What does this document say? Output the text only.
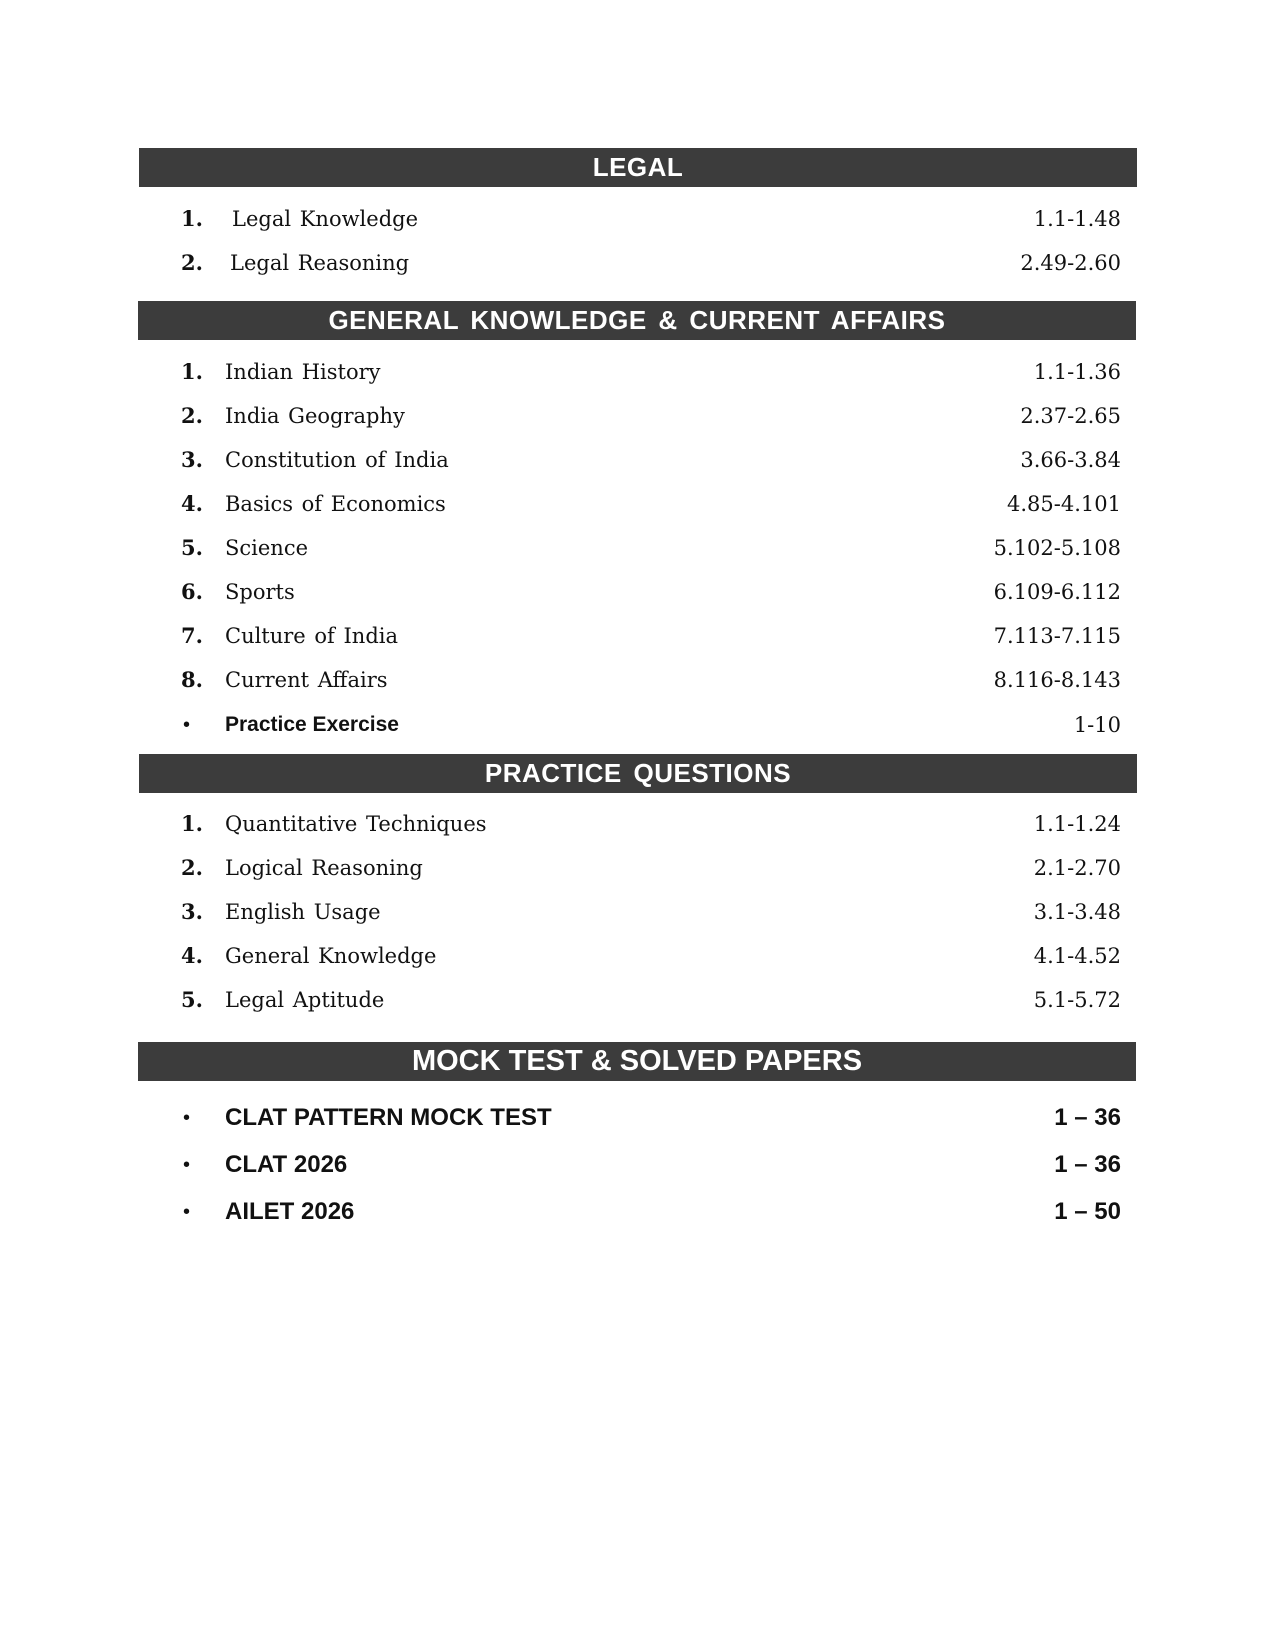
LEGAL
1. Legal Knowledge	1.1-1.48
2. Legal Reasoning	2.49-2.60
GENERAL KNOWLEDGE & CURRENT AFFAIRS
1. Indian History	1.1-1.36
2. India Geography	2.37-2.65
3. Constitution of India	3.66-3.84
4. Basics of Economics	4.85-4.101
5. Science	5.102-5.108
6. Sports	6.109-6.112
7. Culture of India	7.113-7.115
8. Current Affairs	8.116-8.143
• Practice Exercise	1-10
PRACTICE QUESTIONS
1. Quantitative Techniques	1.1-1.24
2. Logical Reasoning	2.1-2.70
3. English Usage	3.1-3.48
4. General Knowledge	4.1-4.52
5. Legal Aptitude	5.1-5.72
MOCK TEST & SOLVED PAPERS
• CLAT PATTERN MOCK TEST	1 – 36
• CLAT 2026	1 – 36
• AILET 2026	1 – 50
